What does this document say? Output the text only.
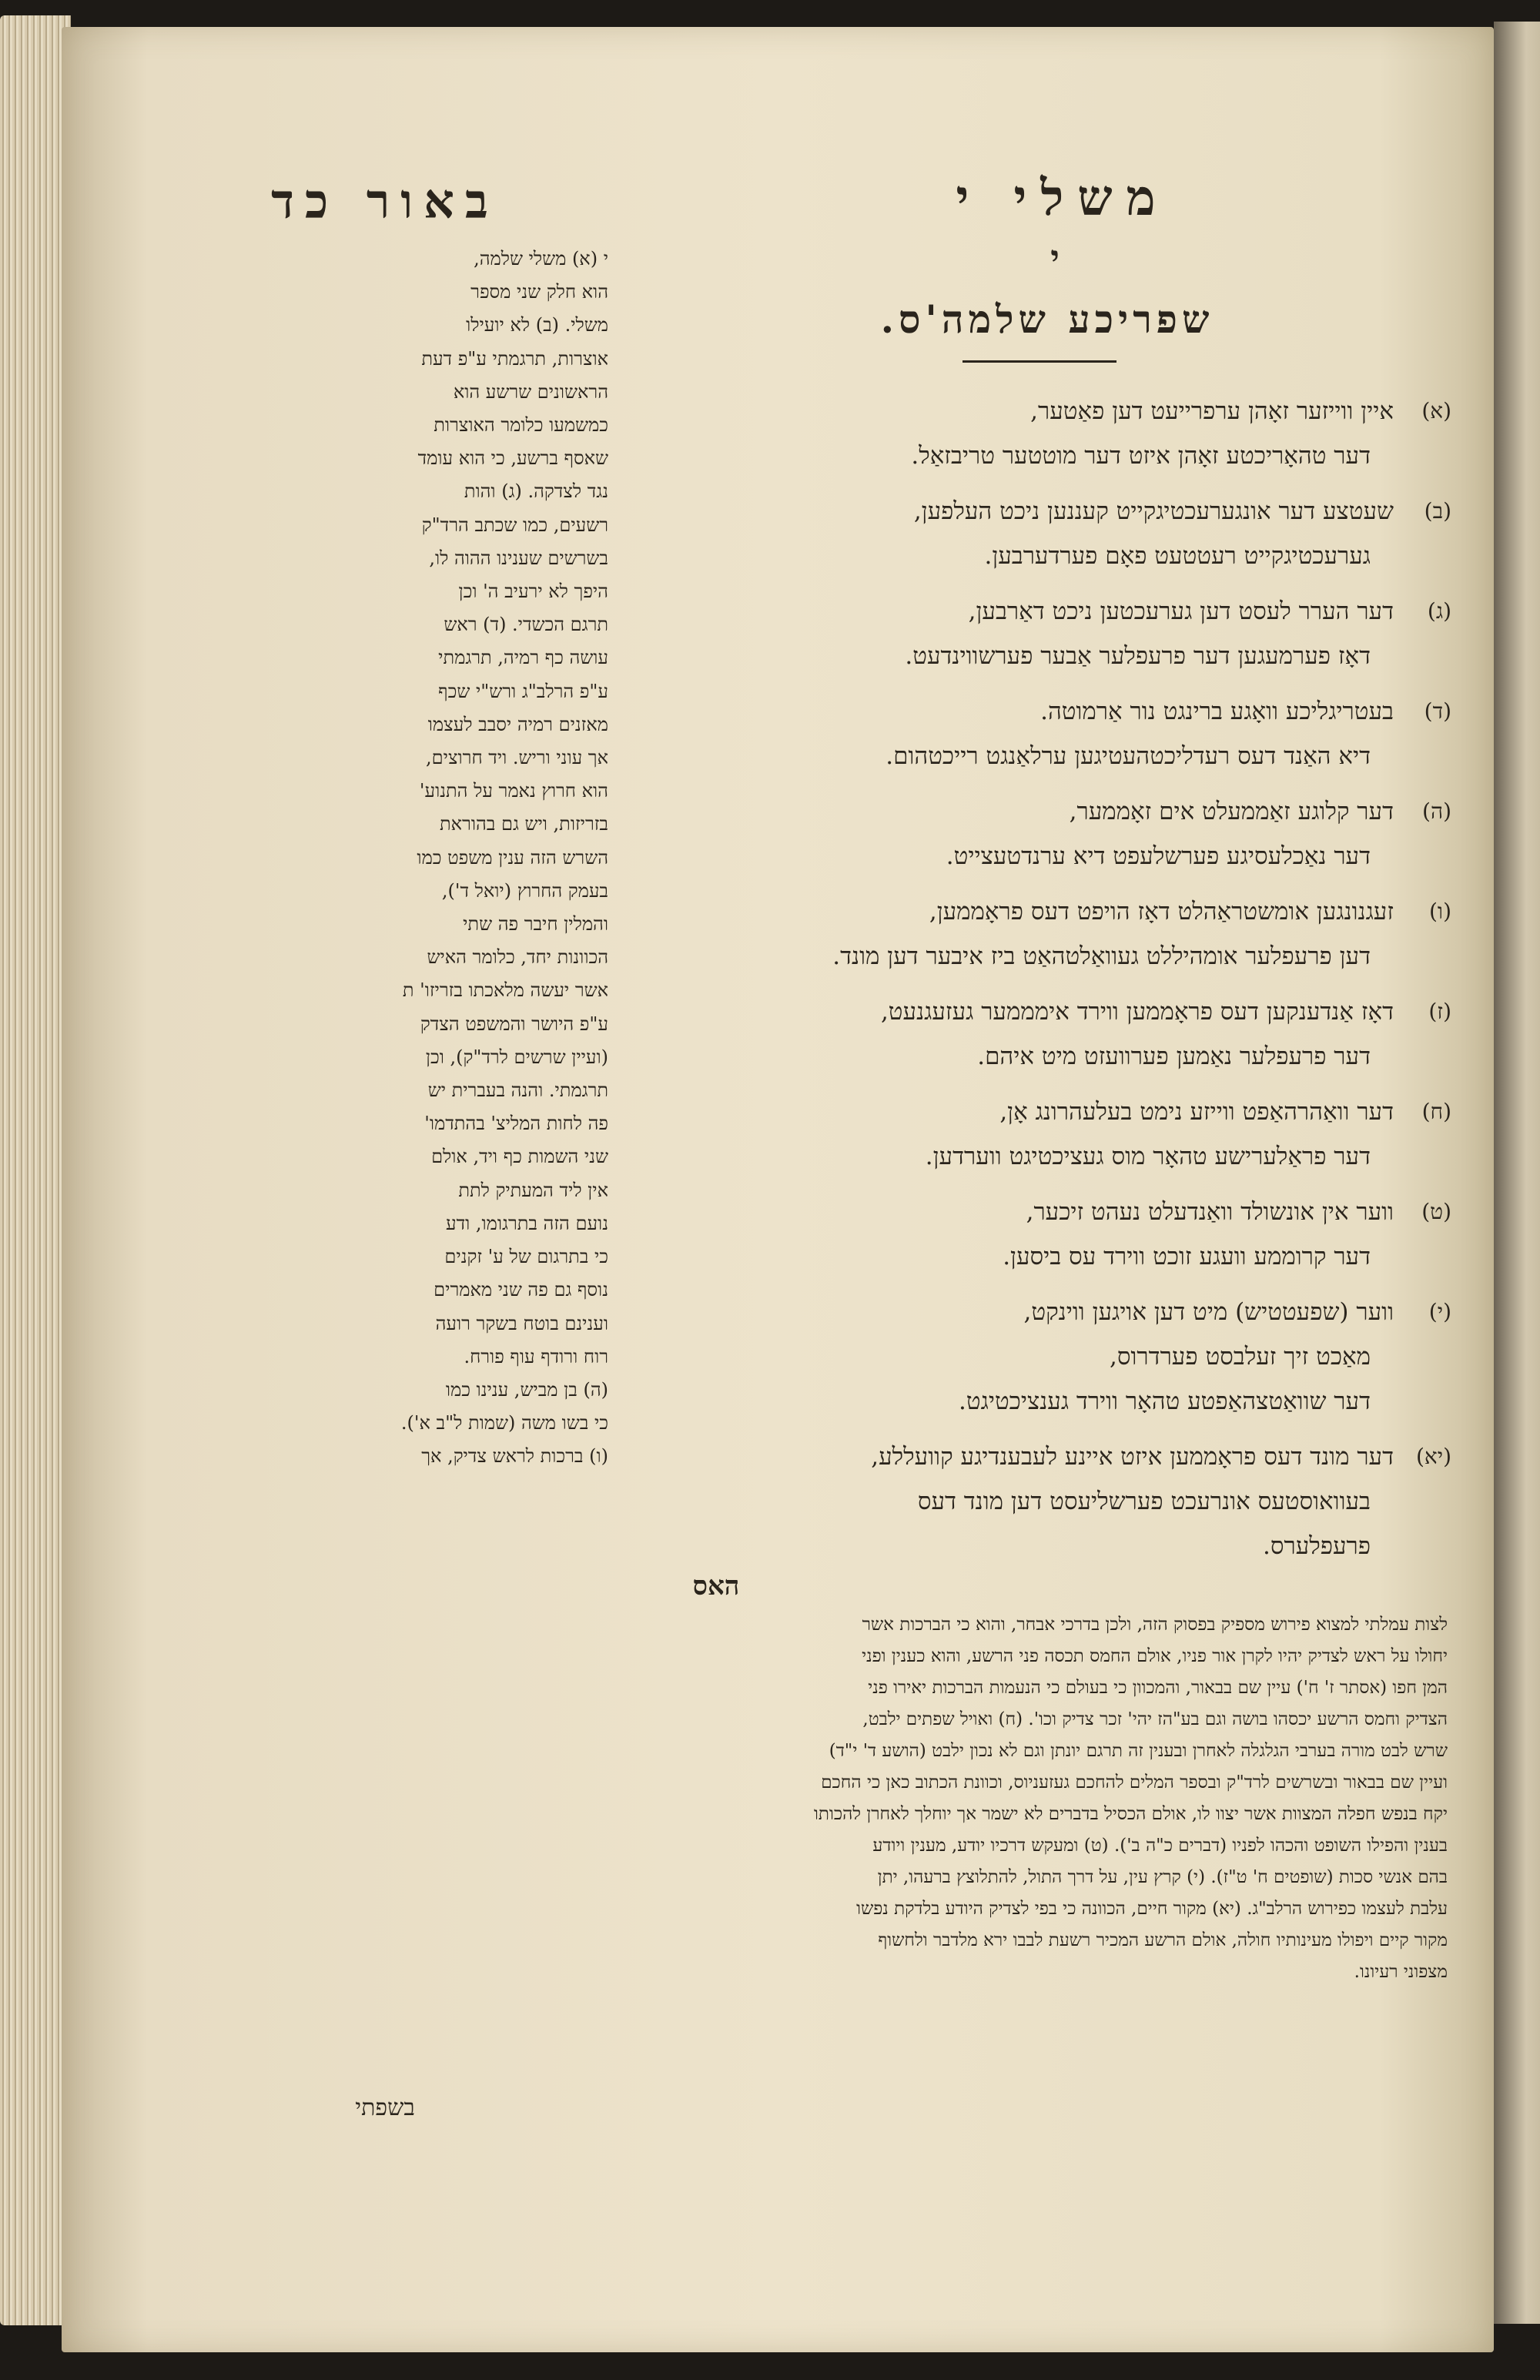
באור כד	משלי י
י
שפריכע שלמה'ס.
(א)
איין ווייזער זאָהן ערפרייעט דען פאַטער,
דער טהאָריכטע זאָהן איזט דער מוטטער טריבזאַל.
(ב)
שעטצע דער אונגערעכטיגקייט קעננען ניכט העלפען,
גערעכטיגקייט רעטטעט פאָם פערדערבען.
(ג)
דער הערר לעסט דען גערעכטען ניכט דאַרבען,
דאָז פערמעגען דער פרעפלער אַבער פערשווינדעט.
(ד)
בעטריגליכע וואָגע ברינגט נור אַרמוטה.
דיא האַנד דעס רעדליכטהעטיגען ערלאַנגט רייכטהום.
(ה)
דער קלוגע זאַממעלט אים זאָממער,
דער נאַכלעסיגע פערשלעפט דיא ערנדטעצייט.
(ו)
זעגנונגען אומשטראַהלט דאָז הויפט דעס פראָממען,
דען פרעפלער אומהיללט געוואַלטהאַט ביז איבער דען מונד.
(ז)
דאָז אַנדענקען דעס פראָממען ווירד אימממער געזעגנעט,
דער פרעפלער נאַמען פערוועזט מיט איהם.
(ח)
דער וואַהרהאַפט ווייזע נימט בעלעהרונג אָן,
דער פראַלערישע טהאָר מוס געציכטיגט ווערדען.
(ט)
ווער אין אונשולד וואַנדעלט נעהט זיכער,
דער קרוממע וועגע זוכט ווירד עס ביסען.
(י)
ווער (שפעטטיש) מיט דען אויגען ווינקט,
מאַכט זיך זעלבסט פערדרוס,
דער שוואַטצהאַפטע טהאָר ווירד גענציכטיגט.
(יא)
דער מונד דעס פראָממען איזט איינע לעבענדיגע קוועללע,
בעוואוסטעס אונרעכט פערשליעסט דען מונד דעס
פרעפלערס.
י (א) משלי שלמה,
הוא חלק שני מספר
משלי. (ב) לא יועילו
אוצרות, תרגמתי ע"פ דעת
הראשונים שרשע הוא
כמשמעו כלומר האוצרות
שאסף ברשע, כי הוא עומד
נגד לצדקה. (ג) והות
רשעים, כמו שכתב הרד"ק
בשרשים שענינו ההוה לו,
היפך לא ירעיב ה' וכן
תרגם הכשדי. (ד) ראש
עושה כף רמיה, תרגמתי
ע"פ הרלב"ג ורש"י שכף
מאזנים רמיה יסבב לעצמו
אך עוני וריש. ויד חרוצים,
הוא חרוץ נאמר על התנוע'
בזריזות, ויש גם בהוראת
השרש הזה ענין משפט כמו
בעמק החרוץ (יואל ד'),
והמלין חיבר פה שתי
הכוונות יחד, כלומר האיש
אשר יעשה מלאכתו בזריזו' ת
ע"פ היושר והמשפט הצדק
(ועיין שרשים לרד"ק), וכן
תרגמתי. והנה בעברית יש
פה לחות המליצ' בהתדמו'
שני השמות כף ויד, אולם
אין ליד המעתיק לתת
נועם הזה בתרגומו, ודע
כי בתרגום של ע' זקנים
נוסף גם פה שני מאמרים
וענינם בוטח בשקר רועה
רוח ורודף עוף פורח.
(ה) בן מביש, ענינו כמו
כי בשו משה (שמות ל"ב א').
(ו) ברכות לראש צדיק, אך
האס
לצות עמלתי למצוא פירוש מספיק בפסוק הזה, ולכן בדרכי אבחר, והוא כי הברכות אשר
יחולו על ראש לצדיק יהיו לקרן אור פניו, אולם החמס תכסה פני הרשע, והוא כענין ופני
המן חפו (אסתר ז' ח') עיין שם בבאור, והמכוון כי בעולם כי הנעמות הברכות יאירו פני
הצדיק וחמס הרשע יכסהו בושה וגם בע"הז יהי' זכר צדיק וכו'. (ח) ואויל שפתים ילבט,
שרש לבט מורה בערבי הגלגלה לאחרן ובענין זה תרגם יונתן וגם לא נכון ילבט (הושע ד' י"ד)
ועיין שם בבאור ובשרשים לרד"ק ובספר המלים להחכם געזעניוס, וכוונת הכתוב כאן כי החכם
יקח בנפש חפלה המצוות אשר יצוו לו, אולם הכסיל בדברים לא ישמר אך יוחלך לאחרן להכותו
בענין והפילו השופט והכהו לפניו (דברים כ"ה ב'). (ט) ומעקש דרכיו יודע, מענין ויודע
בהם אנשי סכות (שופטים ח' ט"ז). (י) קרץ עין, על דרך התול, להתלוצץ ברעהו, יתן
עלבת לעצמו כפירוש הרלב"ג. (יא) מקור חיים, הכוונה כי בפי לצדיק היודע בלדקת נפשו
מקור קיים ויפולו מעינותיו חולה, אולם הרשע המכיר רשעת לבבו ירא מלדבר ולחשוף
מצפוני רעיונו.
בשפתי
